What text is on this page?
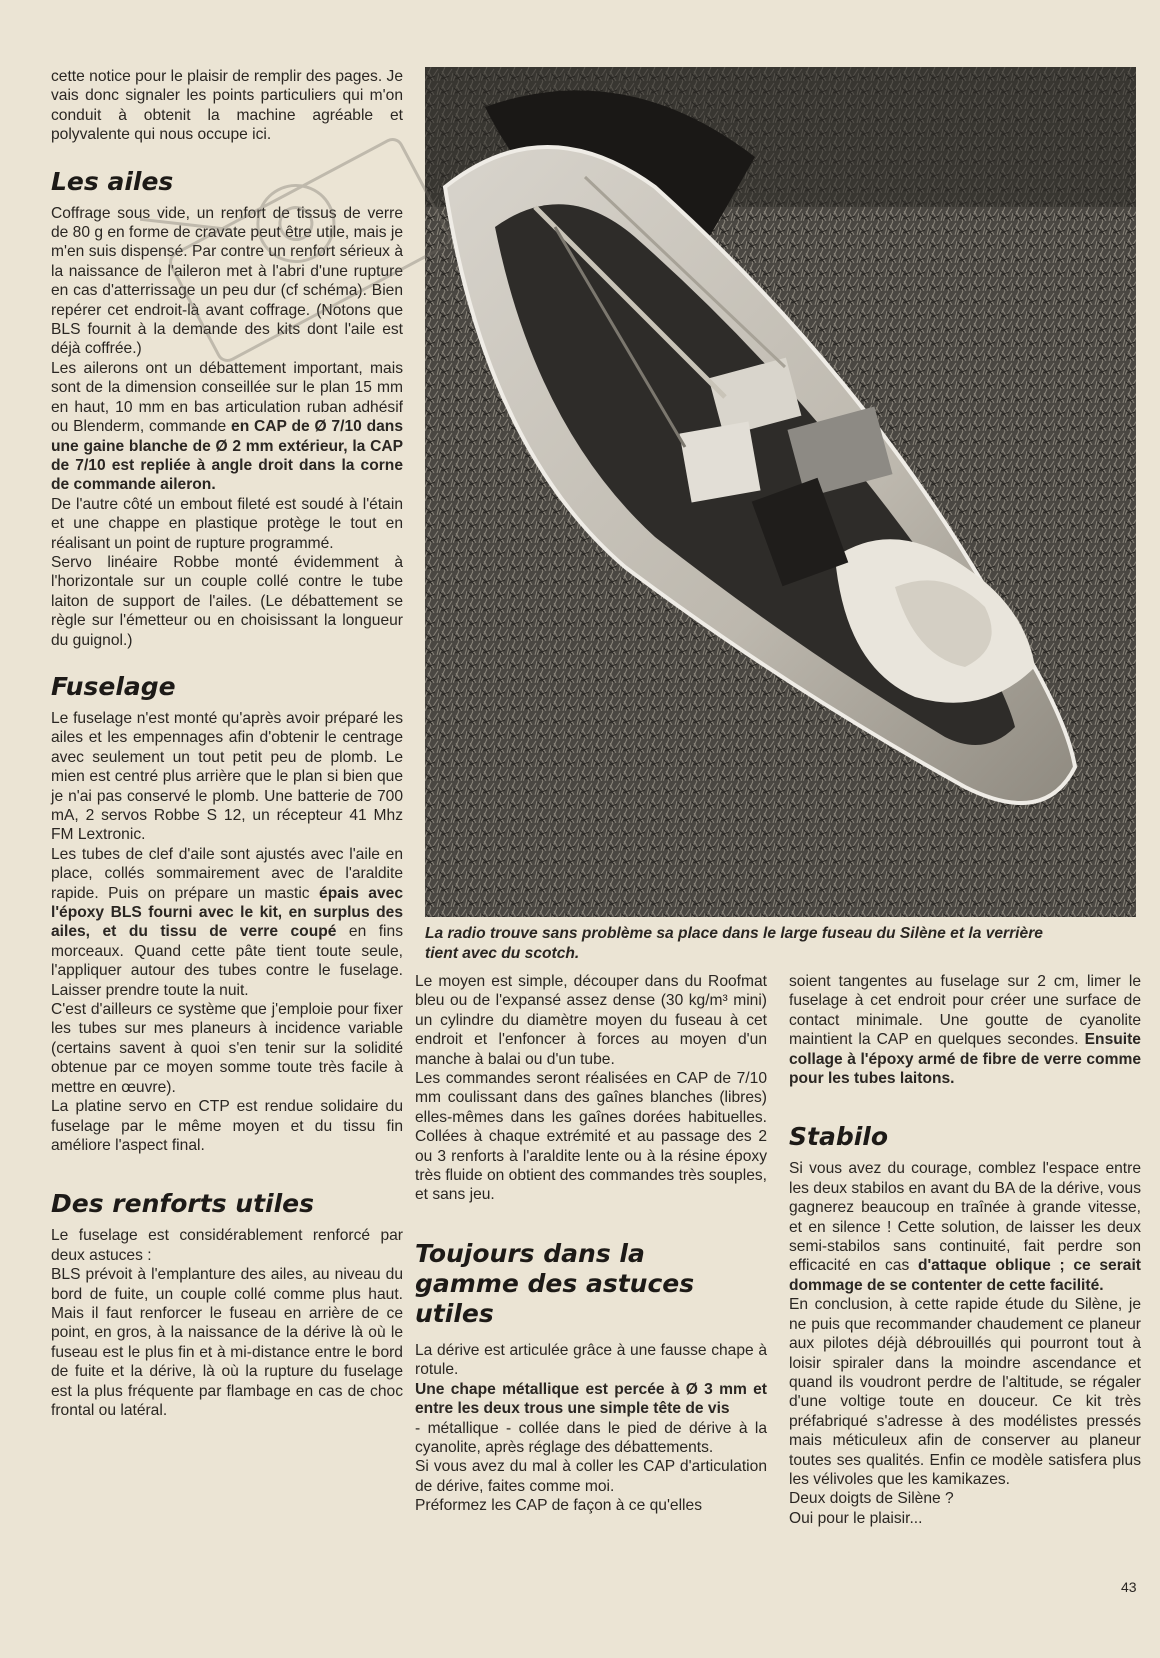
cette notice pour le plaisir de remplir des pages. Je vais donc signaler les points particuliers qui m'on conduit à obtenit la machine agréable et polyvalente qui nous occupe ici.

Les ailes

Coffrage sous vide, un renfort de tissus de verre de 80 g en forme de cravate peut être utile, mais je m'en suis dispensé. Par contre un renfort sérieux à la naissance de l'aileron met à l'abri d'une rupture en cas d'atterrissage un peu dur (cf schéma). Bien repérer cet endroit-là avant coffrage. (Notons que BLS fournit à la demande des kits dont l'aile est déjà coffrée.)

Les ailerons ont un débattement important, mais sont de la dimension conseillée sur le plan 15 mm en haut, 10 mm en bas articulation ruban adhésif ou Blenderm, commande en CAP de Ø 7/10 dans une gaine blanche de Ø 2 mm extérieur, la CAP de 7/10 est repliée à angle droit dans la corne de commande aileron.

De l'autre côté un embout fileté est soudé à l'étain et une chappe en plastique protège le tout en réalisant un point de rupture programmé.

Servo linéaire Robbe monté évidemment à l'horizontale sur un couple collé contre le tube laiton de support de l'ailes. (Le débattement se règle sur l'émetteur ou en choisissant la longueur du guignol.)

Fuselage

Le fuselage n'est monté qu'après avoir préparé les ailes et les empennages afin d'obtenir le centrage avec seulement un tout petit peu de plomb. Le mien est centré plus arrière que le plan si bien que je n'ai pas conservé le plomb. Une batterie de 700 mA, 2 servos Robbe S 12, un récepteur 41 Mhz FM Lextronic.

Les tubes de clef d'aile sont ajustés avec l'aile en place, collés sommairement avec de l'araldite rapide. Puis on prépare un mastic épais avec l'époxy BLS fourni avec le kit, en surplus des ailes, et du tissu de verre coupé en fins morceaux. Quand cette pâte tient toute seule, l'appliquer autour des tubes contre le fuselage. Laisser prendre toute la nuit.

C'est d'ailleurs ce système que j'emploie pour fixer les tubes sur mes planeurs à incidence variable (certains savent à quoi s'en tenir sur la solidité obtenue par ce moyen somme toute très facile à mettre en œuvre).

La platine servo en CTP est rendue solidaire du fuselage par le même moyen et du tissu fin améliore l'aspect final.

Des renforts utiles

Le fuselage est considérablement renforcé par deux astuces :

BLS prévoit à l'emplanture des ailes, au niveau du bord de fuite, un couple collé comme plus haut. Mais il faut renforcer le fuseau en arrière de ce point, en gros, à la naissance de la dérive là où le fuseau est le plus fin et à mi-distance entre le bord de fuite et la dérive, là où la rupture du fuselage est la plus fréquente par flambage en cas de choc frontal ou latéral.

La radio trouve sans problème sa place dans le large fuseau du Silène et la verrière tient avec du scotch.

Le moyen est simple, découper dans du Roofmat bleu ou de l'expansé assez dense (30 kg/m³ mini) un cylindre du diamètre moyen du fuseau à cet endroit et l'enfoncer à forces au moyen d'un manche à balai ou d'un tube.

Les commandes seront réalisées en CAP de 7/10 mm coulissant dans des gaînes blanches (libres) elles-mêmes dans les gaînes dorées habituelles. Collées à chaque extrémité et au passage des 2 ou 3 renforts à l'araldite lente ou à la résine époxy très fluide on obtient des commandes très souples, et sans jeu.

Toujours dans la gamme des astuces utiles

La dérive est articulée grâce à une fausse chape à rotule.

Une chape métallique est percée à Ø 3 mm et entre les deux trous une simple tête de vis

- métallique - collée dans le pied de dérive à la cyanolite, après réglage des débattements.

Si vous avez du mal à coller les CAP d'articulation de dérive, faites comme moi.

Préformez les CAP de façon à ce qu'elles

soient tangentes au fuselage sur 2 cm, limer le fuselage à cet endroit pour créer une surface de contact minimale. Une goutte de cyanolite maintient la CAP en quelques secondes. Ensuite collage à l'époxy armé de fibre de verre comme pour les tubes laitons.

Stabilo

Si vous avez du courage, comblez l'espace entre les deux stabilos en avant du BA de la dérive, vous gagnerez beaucoup en traînée à grande vitesse, et en silence ! Cette solution, de laisser les deux semi-stabilos sans continuité, fait perdre son efficacité en cas d'attaque oblique ; ce serait dommage de se contenter de cette facilité.

En conclusion, à cette rapide étude du Silène, je ne puis que recommander chaudement ce planeur aux pilotes déjà débrouillés qui pourront tout à loisir spiraler dans la moindre ascendance et quand ils voudront perdre de l'altitude, se régaler d'une voltige toute en douceur. Ce kit très préfabriqué s'adresse à des modélistes pressés mais méticuleux afin de conserver au planeur toutes ses qualités. Enfin ce modèle satisfera plus les vélivoles que les kamikazes.

Deux doigts de Silène ?

Oui pour le plaisir...

43
